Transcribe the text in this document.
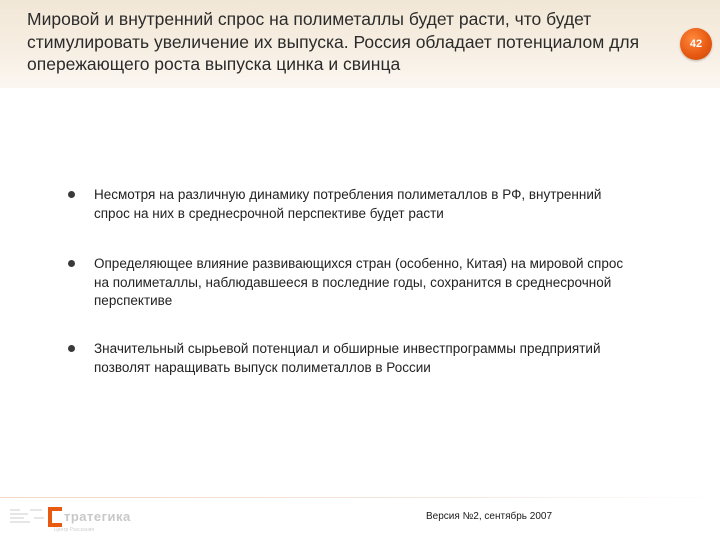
Мировой и внутренний спрос на полиметаллы будет расти, что будет стимулировать увеличение их выпуска. Россия обладает потенциалом для опережающего роста выпуска цинка и свинца
42
Несмотря на различную динамику потребления полиметаллов в РФ, внутренний спрос на них в среднесрочной перспективе будет расти
Определяющее влияние развивающихся стран (особенно, Китая) на мировой спрос на полиметаллы, наблюдавшееся в последние годы, сохранится в среднесрочной перспективе
Значительный сырьевой потенциал и обширные инвестпрограммы предприятий позволят наращивать выпуск полиметаллов в России
тратегика
Центр Рэнскания
Версия №2, сентябрь 2007
